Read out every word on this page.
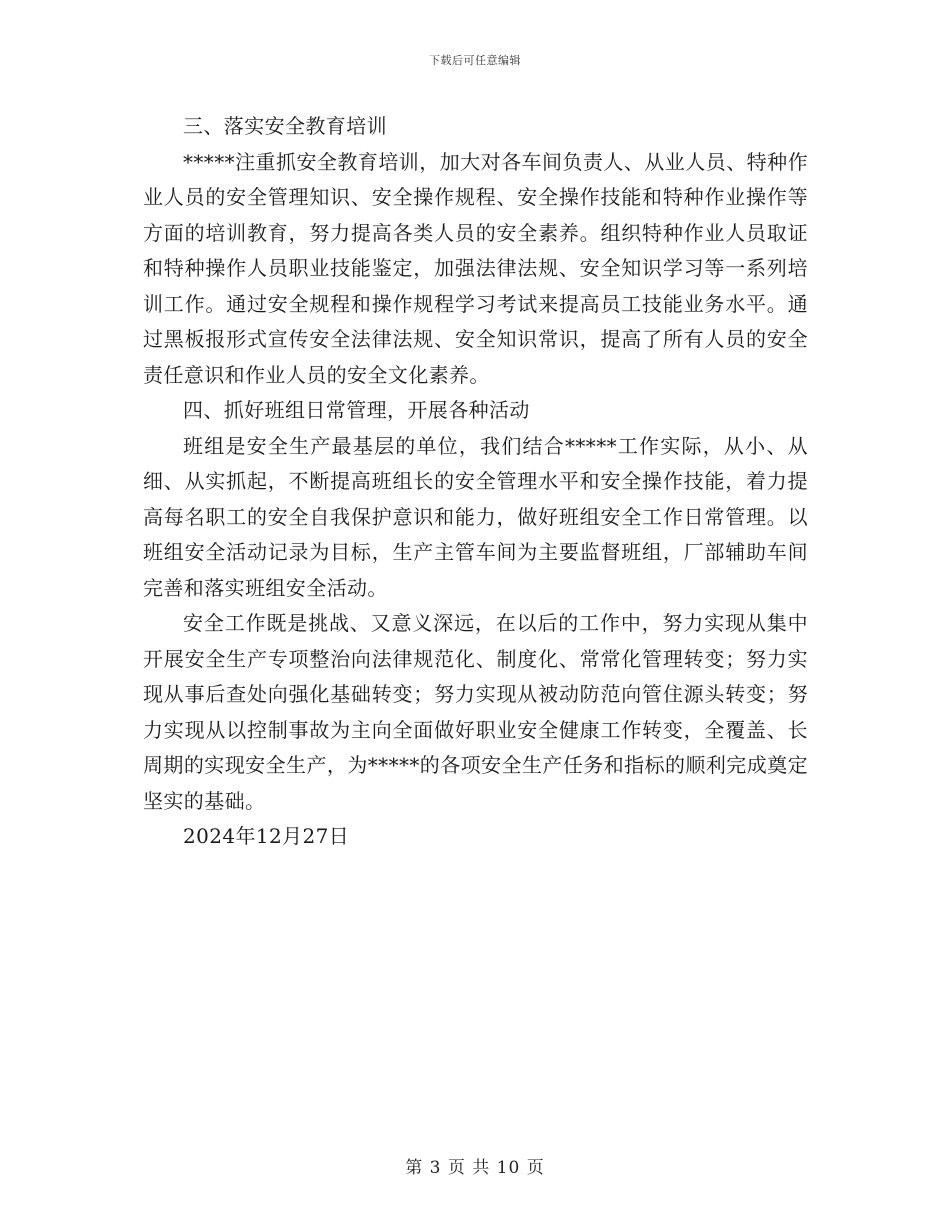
下载后可任意编辑

三、落实安全教育培训

*****注重抓安全教育培训，加大对各车间负责人、从业人员、特种作业人员的安全管理知识、安全操作规程、安全操作技能和特种作业操作等方面的培训教育，努力提高各类人员的安全素养。组织特种作业人员取证和特种操作人员职业技能鉴定，加强法律法规、安全知识学习等一系列培训工作。通过安全规程和操作规程学习考试来提高员工技能业务水平。通过黑板报形式宣传安全法律法规、安全知识常识，提高了所有人员的安全责任意识和作业人员的安全文化素养。

四、抓好班组日常管理，开展各种活动

班组是安全生产最基层的单位，我们结合*****工作实际，从小、从细、从实抓起，不断提高班组长的安全管理水平和安全操作技能，着力提高每名职工的安全自我保护意识和能力，做好班组安全工作日常管理。以班组安全活动记录为目标，生产主管车间为主要监督班组，厂部辅助车间完善和落实班组安全活动。

安全工作既是挑战、又意义深远，在以后的工作中，努力实现从集中开展安全生产专项整治向法律规范化、制度化、常常化管理转变；努力实现从事后查处向强化基础转变；努力实现从被动防范向管住源头转变；努力实现从以控制事故为主向全面做好职业安全健康工作转变，全覆盖、长周期的实现安全生产，为*****的各项安全生产任务和指标的顺利完成奠定坚实的基础。

2024年12月27日

第 3 页 共 10 页
